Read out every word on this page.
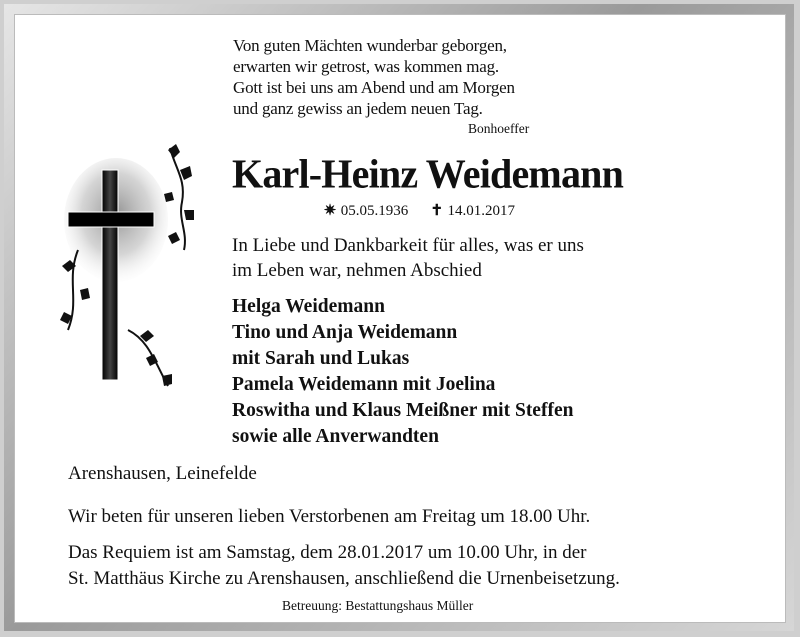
Von guten Mächten wunderbar geborgen,
erwarten wir getrost, was kommen mag.
Gott ist bei uns am Abend und am Morgen
und ganz gewiss an jedem neuen Tag.
Bonhoeffer
Karl-Heinz Weidemann
✷ 05.05.1936 ✝ 14.01.2017
In Liebe und Dankbarkeit für alles, was er uns
im Leben war, nehmen Abschied
Helga Weidemann
Tino und Anja Weidemann
mit Sarah und Lukas
Pamela Weidemann mit Joelina
Roswitha und Klaus Meißner mit Steffen
sowie alle Anverwandten
Arenshausen, Leinefelde
Wir beten für unseren lieben Verstorbenen am Freitag um 18.00 Uhr.
Das Requiem ist am Samstag, dem 28.01.2017 um 10.00 Uhr, in der
St. Matthäus Kirche zu Arenshausen, anschließend die Urnenbeisetzung.
Betreuung: Bestattungshaus Müller
